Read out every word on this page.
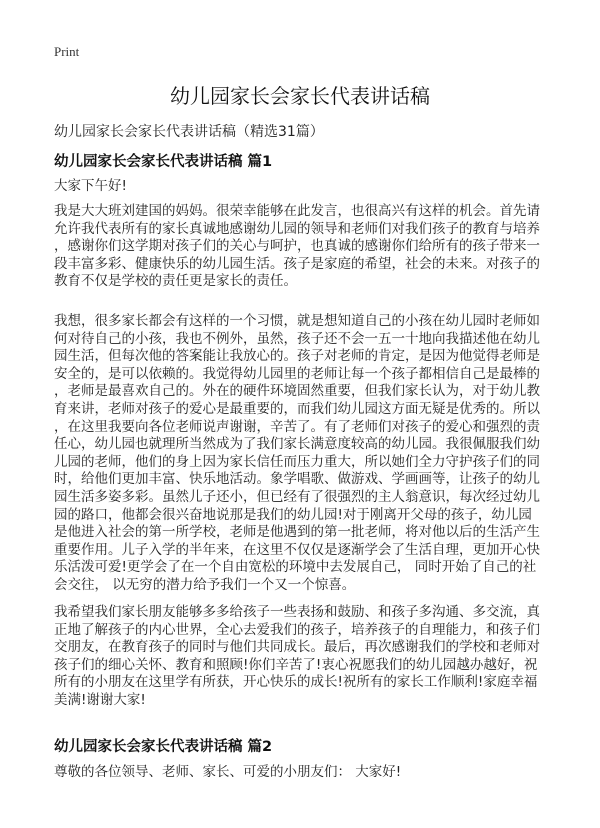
Print
幼儿园家长会家长代表讲话稿
幼儿园家长会家长代表讲话稿（精选31篇）
幼儿园家长会家长代表讲话稿 篇1
大家下午好!
我是大大班刘建国的妈妈。很荣幸能够在此发言，也很高兴有这样的机会。首先请
允许我代表所有的家长真诚地感谢幼儿园的领导和老师们对我们孩子的教育与培养
，感谢你们这学期对孩子们的关心与呵护，也真诚的感谢你们给所有的孩子带来一
段丰富多彩、健康快乐的幼儿园生活。孩子是家庭的希望，社会的未来。对孩子的
教育不仅是学校的责任更是家长的责任。
我想，很多家长都会有这样的一个习惯，就是想知道自己的小孩在幼儿园时老师如
何对待自己的小孩，我也不例外，虽然，孩子还不会一五一十地向我描述他在幼儿
园生活，但每次他的答案能让我放心的。孩子对老师的肯定，是因为他觉得老师是
安全的，是可以依赖的。我觉得幼儿园里的老师让每一个孩子都相信自己是最棒的
，老师是最喜欢自己的。外在的硬件环境固然重要，但我们家长认为，对于幼儿教
育来讲，老师对孩子的爱心是最重要的，而我们幼儿园这方面无疑是优秀的。所以
，在这里我要向各位老师说声谢谢，辛苦了。有了老师们对孩子的爱心和强烈的责
任心，幼儿园也就理所当然成为了我们家长满意度较高的幼儿园。我很佩服我们幼
儿园的老师，他们的身上因为家长信任而压力重大，所以她们全力守护孩子们的同
时，给他们更加丰富、快乐地活动。象学唱歌、做游戏、学画画等，让孩子的幼儿
园生活多姿多彩。虽然儿子还小，但已经有了很强烈的主人翁意识，每次经过幼儿
园的路口，他都会很兴奋地说那是我们的幼儿园!对于刚离开父母的孩子，幼儿园
是他进入社会的第一所学校，老师是他遇到的第一批老师，将对他以后的生活产生
重要作用。儿子入学的半年来，在这里不仅仅是逐渐学会了生活自理，更加开心快
乐活泼可爱!更学会了在一个自由宽松的环境中去发展自己， 同时开始了自己的社
会交往， 以无穷的潜力给予我们一个又一个惊喜。
我希望我们家长朋友能够多多给孩子一些表扬和鼓励、和孩子多沟通、多交流，真
正地了解孩子的内心世界，全心去爱我们的孩子，培养孩子的自理能力，和孩子们
交朋友，在教育孩子的同时与他们共同成长。最后，再次感谢我们的学校和老师对
孩子们的细心关怀、教育和照顾!你们辛苦了!衷心祝愿我们的幼儿园越办越好，祝
所有的小朋友在这里学有所获，开心快乐的成长!祝所有的家长工作顺利!家庭幸福
美满!谢谢大家!
幼儿园家长会家长代表讲话稿 篇2
尊敬的各位领导、老师、家长、可爱的小朋友们： 大家好!
